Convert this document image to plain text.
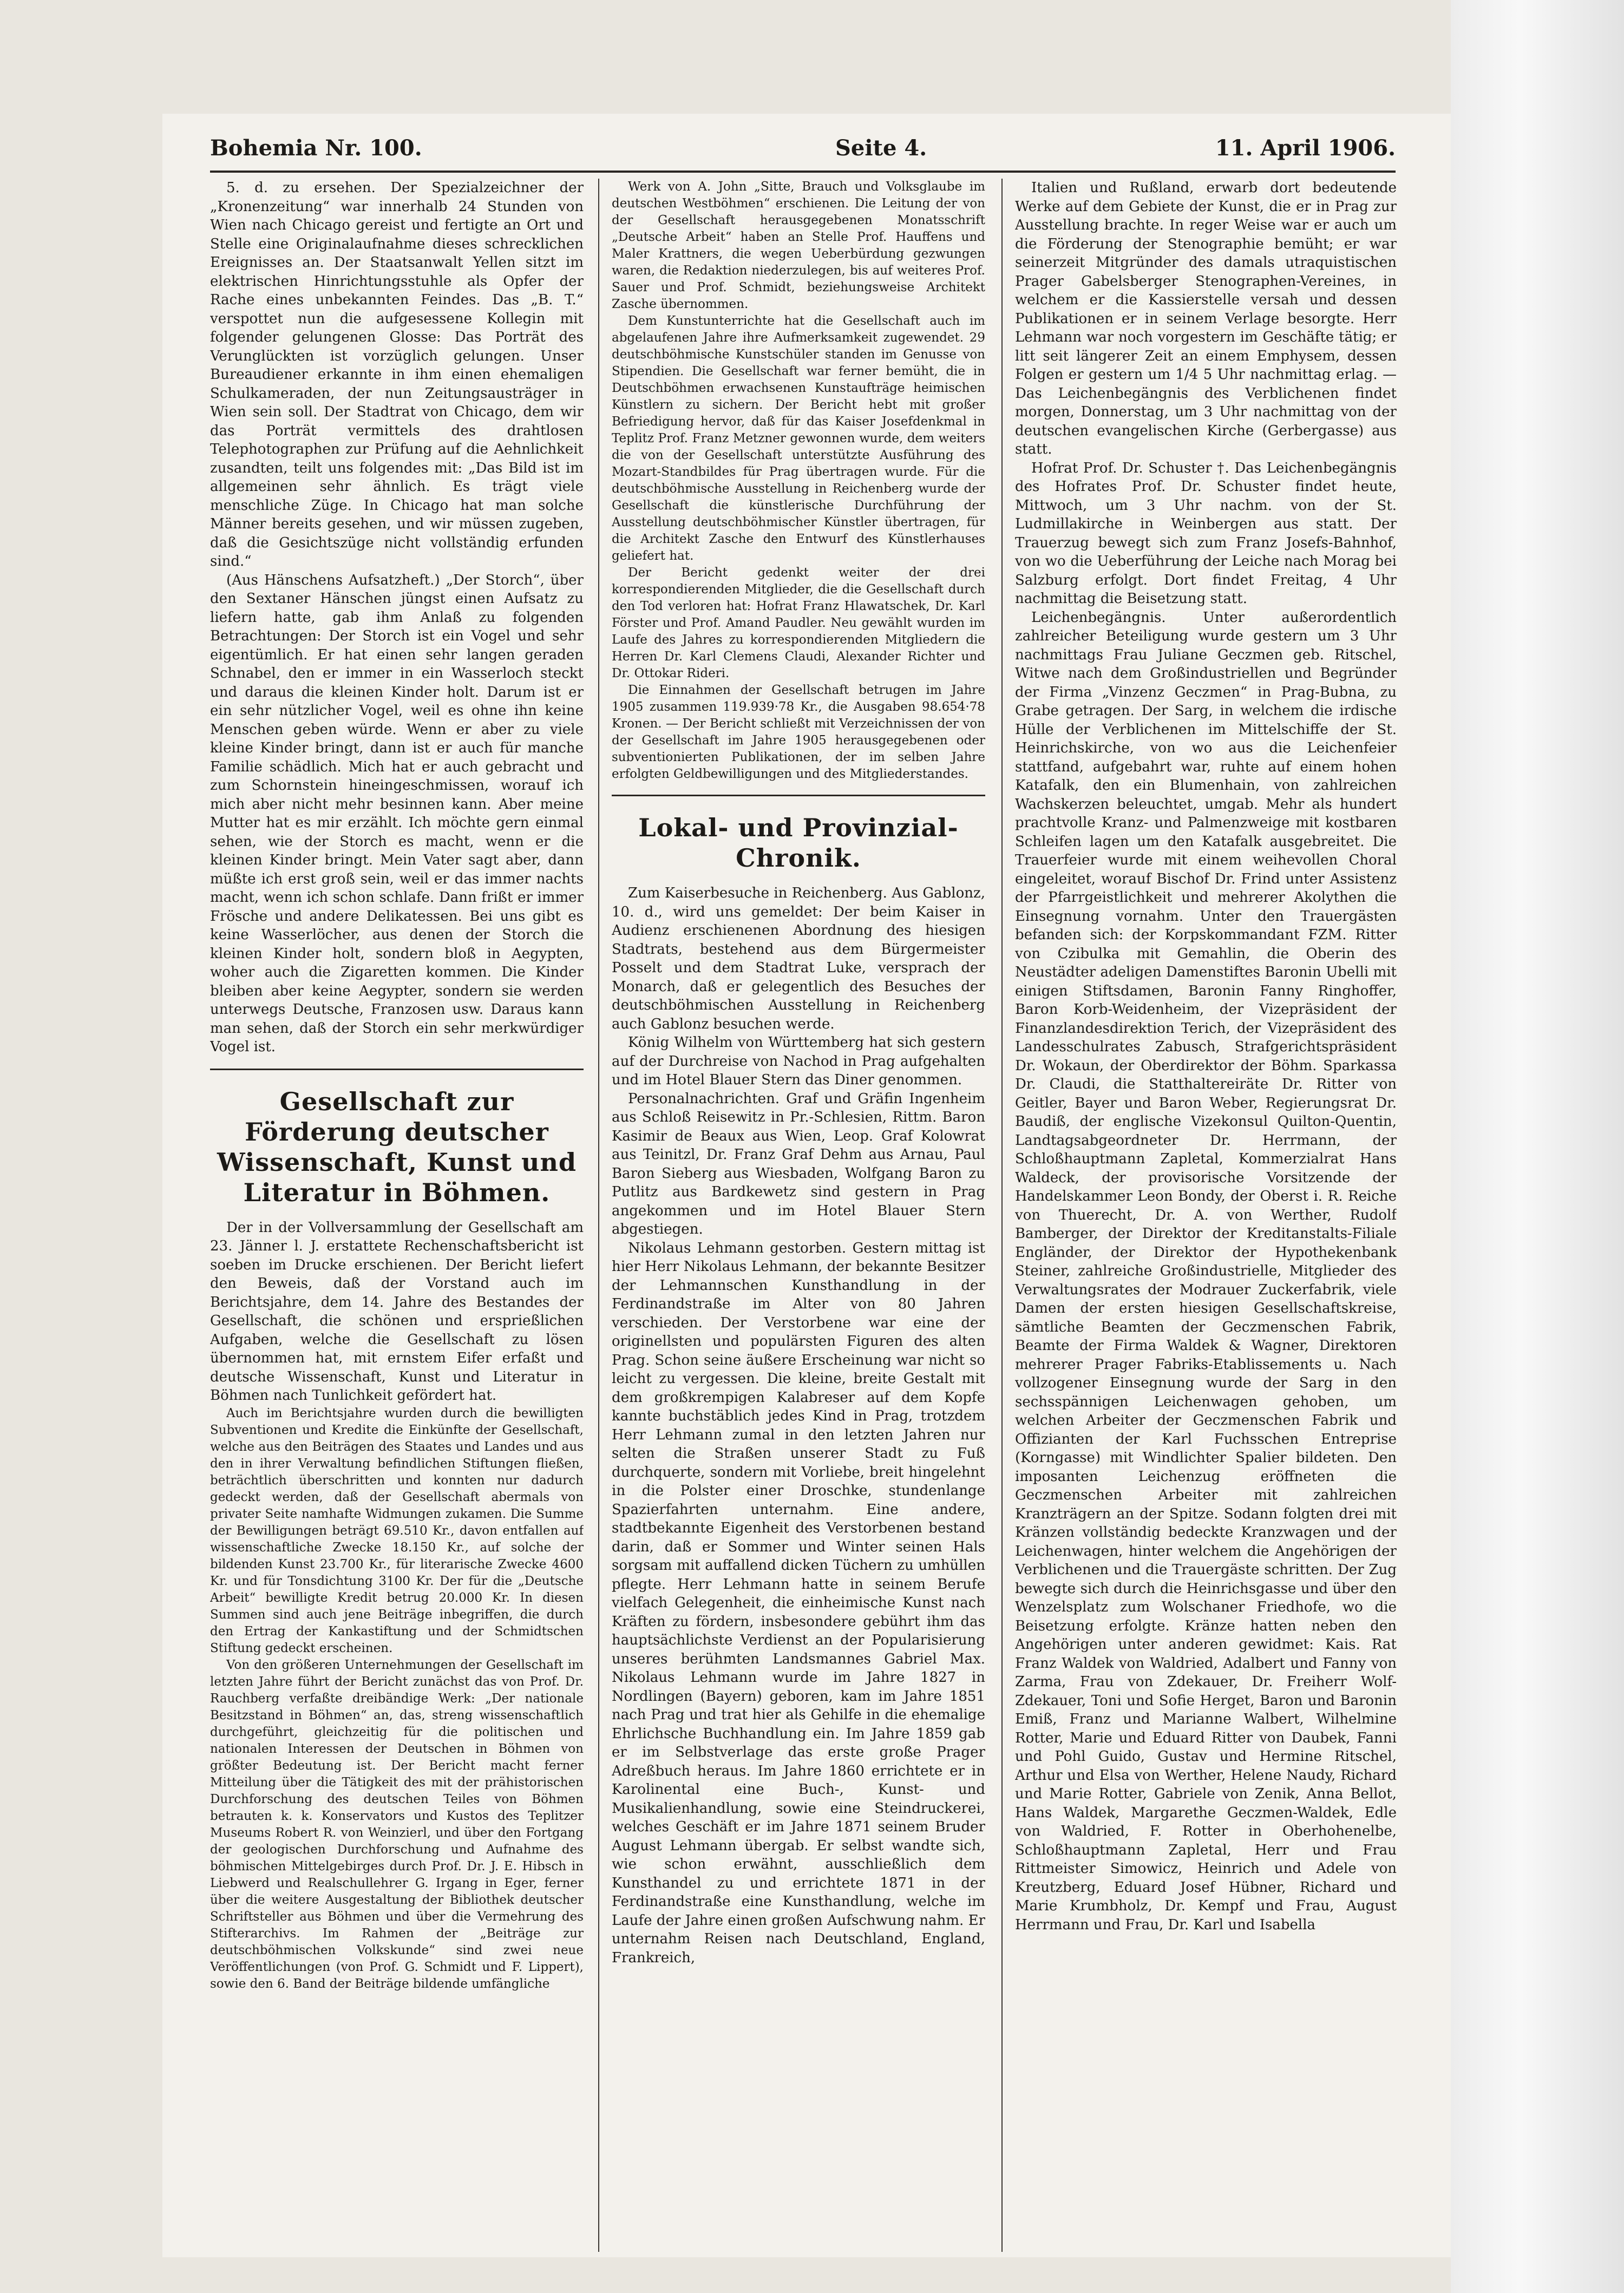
Bohemia Nr. 100.	Seite 4.	11. April 1906.

5. d. zu ersehen. Der Spezialzeichner der „Kronenzeitung“ war innerhalb 24 Stunden von Wien nach Chicago gereist und fertigte an Ort und Stelle eine Originalaufnahme dieses schrecklichen Ereignisses an. Der Staatsanwalt Yellen sitzt im elektrischen Hinrichtungsstuhle als Opfer der Rache eines unbekannten Feindes. Das „B. T.“ verspottet nun die aufgesessene Kollegin mit folgender gelungenen Glosse: Das Porträt des Verunglückten ist vorzüglich gelungen. Unser Bureaudiener erkannte in ihm einen ehemaligen Schulkameraden, der nun Zeitungsausträger in Wien sein soll. Der Stadtrat von Chicago, dem wir das Porträt vermittels des drahtlosen Telephotographen zur Prüfung auf die Aehnlichkeit zusandten, teilt uns folgendes mit: „Das Bild ist im allgemeinen sehr ähnlich. Es trägt viele menschliche Züge. In Chicago hat man solche Männer bereits gesehen, und wir müssen zugeben, daß die Gesichtszüge nicht vollständig erfunden sind.“

(Aus Hänschens Aufsatzheft.) „Der Storch“, über den Sextaner Hänschen jüngst einen Aufsatz zu liefern hatte, gab ihm Anlaß zu folgenden Betrachtungen: Der Storch ist ein Vogel und sehr eigentümlich. Er hat einen sehr langen geraden Schnabel, den er immer in ein Wasserloch steckt und daraus die kleinen Kinder holt. Darum ist er ein sehr nützlicher Vogel, weil es ohne ihn keine Menschen geben würde. Wenn er aber zu viele kleine Kinder bringt, dann ist er auch für manche Familie schädlich. Mich hat er auch gebracht und zum Schornstein hineingeschmissen, worauf ich mich aber nicht mehr besinnen kann. Aber meine Mutter hat es mir erzählt. Ich möchte gern einmal sehen, wie der Storch es macht, wenn er die kleinen Kinder bringt. Mein Vater sagt aber, dann müßte ich erst groß sein, weil er das immer nachts macht, wenn ich schon schlafe. Dann frißt er immer Frösche und andere Delikatessen. Bei uns gibt es keine Wasserlöcher, aus denen der Storch die kleinen Kinder holt, sondern bloß in Aegypten, woher auch die Zigaretten kommen. Die Kinder bleiben aber keine Aegypter, sondern sie werden unterwegs Deutsche, Franzosen usw. Daraus kann man sehen, daß der Storch ein sehr merkwürdiger Vogel ist.

Gesellschaft zur Förderung deutscher Wissenschaft, Kunst und Literatur in Böhmen.

Der in der Vollversammlung der Gesellschaft am 23. Jänner l. J. erstattete Rechenschaftsbericht ist soeben im Drucke erschienen. Der Bericht liefert den Beweis, daß der Vorstand auch im Berichtsjahre, dem 14. Jahre des Bestandes der Gesellschaft, die schönen und ersprießlichen Aufgaben, welche die Gesellschaft zu lösen übernommen hat, mit ernstem Eifer erfaßt und deutsche Wissenschaft, Kunst und Literatur in Böhmen nach Tunlichkeit gefördert hat.

Auch im Berichtsjahre wurden durch die bewilligten Subventionen und Kredite die Einkünfte der Gesellschaft, welche aus den Beiträgen des Staates und Landes und aus den in ihrer Verwaltung befindlichen Stiftungen fließen, beträchtlich überschritten und konnten nur dadurch gedeckt werden, daß der Gesellschaft abermals von privater Seite namhafte Widmungen zukamen. Die Summe der Bewilligungen beträgt 69.510 Kr., davon entfallen auf wissenschaftliche Zwecke 18.150 Kr., auf solche der bildenden Kunst 23.700 Kr., für literarische Zwecke 4600 Kr. und für Tonsdichtung 3100 Kr. Der für die „Deutsche Arbeit“ bewilligte Kredit betrug 20.000 Kr. In diesen Summen sind auch jene Beiträge inbegriffen, die durch den Ertrag der Kankastiftung und der Schmidtschen Stiftung gedeckt erscheinen.

Von den größeren Unternehmungen der Gesellschaft im letzten Jahre führt der Bericht zunächst das von Prof. Dr. Rauchberg verfaßte dreibändige Werk: „Der nationale Besitzstand in Böhmen“ an, das, streng wissenschaftlich durchgeführt, gleichzeitig für die politischen und nationalen Interessen der Deutschen in Böhmen von größter Bedeutung ist. Der Bericht macht ferner Mitteilung über die Tätigkeit des mit der prähistorischen Durchforschung des deutschen Teiles von Böhmen betrauten k. k. Konservators und Kustos des Teplitzer Museums Robert R. von Weinzierl, und über den Fortgang der geologischen Durchforschung und Aufnahme des böhmischen Mittelgebirges durch Prof. Dr. J. E. Hibsch in Liebwerd und Realschullehrer G. Irgang in Eger, ferner über die weitere Ausgestaltung der Bibliothek deutscher Schriftsteller aus Böhmen und über die Vermehrung des Stifterarchivs. Im Rahmen der „Beiträge zur deutschböhmischen Volkskunde“ sind zwei neue Veröffentlichungen (von Prof. G. Schmidt und F. Lippert), sowie den 6. Band der Beiträge bildende umfängliche

Werk von A. John „Sitte, Brauch und Volksglaube im deutschen Westböhmen“ erschienen. Die Leitung der von der Gesellschaft herausgegebenen Monatsschrift „Deutsche Arbeit“ haben an Stelle Prof. Hauffens und Maler Krattners, die wegen Ueberbürdung gezwungen waren, die Redaktion niederzulegen, bis auf weiteres Prof. Sauer und Prof. Schmidt, beziehungsweise Architekt Zasche übernommen.

Dem Kunstunterrichte hat die Gesellschaft auch im abgelaufenen Jahre ihre Aufmerksamkeit zugewendet. 29 deutschböhmische Kunstschüler standen im Genusse von Stipendien. Die Gesellschaft war ferner bemüht, die in Deutschböhmen erwachsenen Kunstaufträge heimischen Künstlern zu sichern. Der Bericht hebt mit großer Befriedigung hervor, daß für das Kaiser Josefdenkmal in Teplitz Prof. Franz Metzner gewonnen wurde, dem weiters die von der Gesellschaft unterstützte Ausführung des Mozart-Standbildes für Prag übertragen wurde. Für die deutschböhmische Ausstellung in Reichenberg wurde der Gesellschaft die künstlerische Durchführung der Ausstellung deutschböhmischer Künstler übertragen, für die Architekt Zasche den Entwurf des Künstlerhauses geliefert hat.

Der Bericht gedenkt weiter der drei korrespondierenden Mitglieder, die die Gesellschaft durch den Tod verloren hat: Hofrat Franz Hlawatschek, Dr. Karl Förster und Prof. Amand Paudler. Neu gewählt wurden im Laufe des Jahres zu korrespondierenden Mitgliedern die Herren Dr. Karl Clemens Claudi, Alexander Richter und Dr. Ottokar Rideri.

Die Einnahmen der Gesellschaft betrugen im Jahre 1905 zusammen 119.939·78 Kr., die Ausgaben 98.654·78 Kronen. — Der Bericht schließt mit Verzeichnissen der von der Gesellschaft im Jahre 1905 herausgegebenen oder subventionierten Publikationen, der im selben Jahre erfolgten Geldbewilligungen und des Mitgliederstandes.

Lokal- und Provinzial-Chronik.

Zum Kaiserbesuche in Reichenberg. Aus Gablonz, 10. d., wird uns gemeldet: Der beim Kaiser in Audienz erschienenen Abordnung des hiesigen Stadtrats, bestehend aus dem Bürgermeister Posselt und dem Stadtrat Luke, versprach der Monarch, daß er gelegentlich des Besuches der deutschböhmischen Ausstellung in Reichenberg auch Gablonz besuchen werde.

König Wilhelm von Württemberg hat sich gestern auf der Durchreise von Nachod in Prag aufgehalten und im Hotel Blauer Stern das Diner genommen.

Personalnachrichten. Graf und Gräfin Ingenheim aus Schloß Reisewitz in Pr.-Schlesien, Rittm. Baron Kasimir de Beaux aus Wien, Leop. Graf Kolowrat aus Teinitzl, Dr. Franz Graf Dehm aus Arnau, Paul Baron Sieberg aus Wiesbaden, Wolfgang Baron zu Putlitz aus Bardkewetz sind gestern in Prag angekommen und im Hotel Blauer Stern abgestiegen.

Nikolaus Lehmann gestorben. Gestern mittag ist hier Herr Nikolaus Lehmann, der bekannte Besitzer der Lehmannschen Kunsthandlung in der Ferdinandstraße im Alter von 80 Jahren verschieden. Der Verstorbene war eine der originellsten und populärsten Figuren des alten Prag. Schon seine äußere Erscheinung war nicht so leicht zu vergessen. Die kleine, breite Gestalt mit dem großkrempigen Kalabreser auf dem Kopfe kannte buchstäblich jedes Kind in Prag, trotzdem Herr Lehmann zumal in den letzten Jahren nur selten die Straßen unserer Stadt zu Fuß durchquerte, sondern mit Vorliebe, breit hingelehnt in die Polster einer Droschke, stundenlange Spazierfahrten unternahm. Eine andere, stadtbekannte Eigenheit des Verstorbenen bestand darin, daß er Sommer und Winter seinen Hals sorgsam mit auffallend dicken Tüchern zu umhüllen pflegte. Herr Lehmann hatte in seinem Berufe vielfach Gelegenheit, die einheimische Kunst nach Kräften zu fördern, insbesondere gebührt ihm das hauptsächlichste Verdienst an der Popularisierung unseres berühmten Landsmannes Gabriel Max. Nikolaus Lehmann wurde im Jahre 1827 in Nordlingen (Bayern) geboren, kam im Jahre 1851 nach Prag und trat hier als Gehilfe in die ehemalige Ehrlichsche Buchhandlung ein. Im Jahre 1859 gab er im Selbstverlage das erste große Prager Adreßbuch heraus. Im Jahre 1860 errichtete er in Karolinental eine Buch-, Kunst- und Musikalienhandlung, sowie eine Steindruckerei, welches Geschäft er im Jahre 1871 seinem Bruder August Lehmann übergab. Er selbst wandte sich, wie schon erwähnt, ausschließlich dem Kunsthandel zu und errichtete 1871 in der Ferdinandstraße eine Kunsthandlung, welche im Laufe der Jahre einen großen Aufschwung nahm. Er unternahm Reisen nach Deutschland, England, Frankreich,

Italien und Rußland, erwarb dort bedeutende Werke auf dem Gebiete der Kunst, die er in Prag zur Ausstellung brachte. In reger Weise war er auch um die Förderung der Stenographie bemüht; er war seinerzeit Mitgründer des damals utraquistischen Prager Gabelsberger Stenographen-Vereines, in welchem er die Kassierstelle versah und dessen Publikationen er in seinem Verlage besorgte. Herr Lehmann war noch vorgestern im Geschäfte tätig; er litt seit längerer Zeit an einem Emphysem, dessen Folgen er gestern um 1/4 5 Uhr nachmittag erlag. — Das Leichenbegängnis des Verblichenen findet morgen, Donnerstag, um 3 Uhr nachmittag von der deutschen evangelischen Kirche (Gerbergasse) aus statt.

Hofrat Prof. Dr. Schuster †. Das Leichenbegängnis des Hofrates Prof. Dr. Schuster findet heute, Mittwoch, um 3 Uhr nachm. von der St. Ludmillakirche in Weinbergen aus statt. Der Trauerzug bewegt sich zum Franz Josefs-Bahnhof, von wo die Ueberführung der Leiche nach Morag bei Salzburg erfolgt. Dort findet Freitag, 4 Uhr nachmittag die Beisetzung statt.

Leichenbegängnis. Unter außerordentlich zahlreicher Beteiligung wurde gestern um 3 Uhr nachmittags Frau Juliane Geczmen geb. Ritschel, Witwe nach dem Großindustriellen und Begründer der Firma „Vinzenz Geczmen“ in Prag-Bubna, zu Grabe getragen. Der Sarg, in welchem die irdische Hülle der Verblichenen im Mittelschiffe der St. Heinrichskirche, von wo aus die Leichenfeier stattfand, aufgebahrt war, ruhte auf einem hohen Katafalk, den ein Blumenhain, von zahlreichen Wachskerzen beleuchtet, umgab. Mehr als hundert prachtvolle Kranz- und Palmenzweige mit kostbaren Schleifen lagen um den Katafalk ausgebreitet. Die Trauerfeier wurde mit einem weihevollen Choral eingeleitet, worauf Bischof Dr. Frind unter Assistenz der Pfarrgeistlichkeit und mehrerer Akolythen die Einsegnung vornahm. Unter den Trauergästen befanden sich: der Korpskommandant FZM. Ritter von Czibulka mit Gemahlin, die Oberin des Neustädter adeligen Damenstiftes Baronin Ubelli mit einigen Stiftsdamen, Baronin Fanny Ringhoffer, Baron Korb-Weidenheim, der Vizepräsident der Finanzlandesdirektion Terich, der Vizepräsident des Landesschulrates Zabusch, Strafgerichtspräsident Dr. Wokaun, der Oberdirektor der Böhm. Sparkassa Dr. Claudi, die Statthaltereiräte Dr. Ritter von Geitler, Bayer und Baron Weber, Regierungsrat Dr. Baudiß, der englische Vizekonsul Quilton-Quentin, Landtagsabgeordneter Dr. Herrmann, der Schloßhauptmann Zapletal, Kommerzialrat Hans Waldeck, der provisorische Vorsitzende der Handelskammer Leon Bondy, der Oberst i. R. Reiche von Thuerecht, Dr. A. von Werther, Rudolf Bamberger, der Direktor der Kreditanstalts-Filiale Engländer, der Direktor der Hypothekenbank Steiner, zahlreiche Großindustrielle, Mitglieder des Verwaltungsrates der Modrauer Zuckerfabrik, viele Damen der ersten hiesigen Gesellschaftskreise, sämtliche Beamten der Geczmenschen Fabrik, Beamte der Firma Waldek & Wagner, Direktoren mehrerer Prager Fabriks-Etablissements u. Nach vollzogener Einsegnung wurde der Sarg in den sechsspännigen Leichenwagen gehoben, um welchen Arbeiter der Geczmenschen Fabrik und Offizianten der Karl Fuchsschen Entreprise (Korngasse) mit Windlichter Spalier bildeten. Den imposanten Leichenzug eröffneten die Geczmenschen Arbeiter mit zahlreichen Kranzträgern an der Spitze. Sodann folgten drei mit Kränzen vollständig bedeckte Kranzwagen und der Leichenwagen, hinter welchem die Angehörigen der Verblichenen und die Trauergäste schritten. Der Zug bewegte sich durch die Heinrichsgasse und über den Wenzelsplatz zum Wolschaner Friedhofe, wo die Beisetzung erfolgte. Kränze hatten neben den Angehörigen unter anderen gewidmet: Kais. Rat Franz Waldek von Waldried, Adalbert und Fanny von Zarma, Frau von Zdekauer, Dr. Freiherr Wolf-Zdekauer, Toni und Sofie Herget, Baron und Baronin Emiß, Franz und Marianne Walbert, Wilhelmine Rotter, Marie und Eduard Ritter von Daubek, Fanni und Pohl Guido, Gustav und Hermine Ritschel, Arthur und Elsa von Werther, Helene Naudy, Richard und Marie Rotter, Gabriele von Zenik, Anna Bellot, Hans Waldek, Margarethe Geczmen-Waldek, Edle von Waldried, F. Rotter in Oberhohenelbe, Schloßhauptmann Zapletal, Herr und Frau Rittmeister Simowicz, Heinrich und Adele von Kreutzberg, Eduard Josef Hübner, Richard und Marie Krumbholz, Dr. Kempf und Frau, August Herrmann und Frau, Dr. Karl und Isabella
